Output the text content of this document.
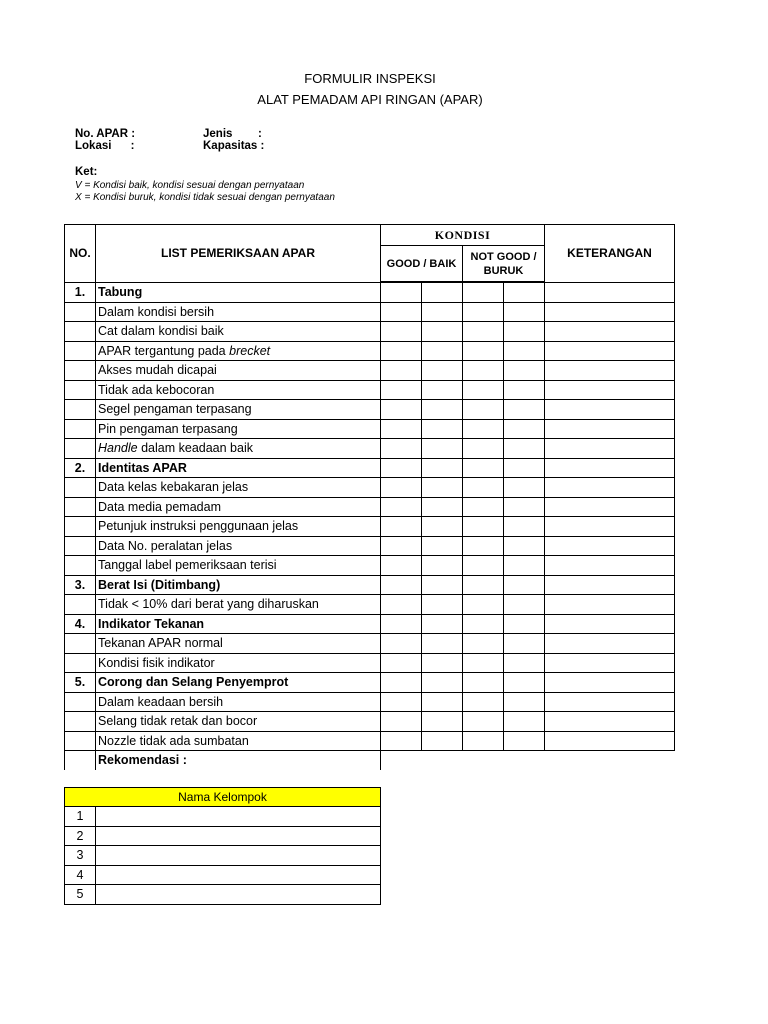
FORMULIR INSPEKSI
ALAT PEMADAM API RINGAN (APAR)
No. APAR :
Lokasi      :
Jenis        :
Kapasitas :
Ket:
V = Kondisi baik, kondisi sesuai dengan pernyataan
X = Kondisi buruk, kondisi tidak sesuai dengan pernyataan
NO.	LIST PEMERIKSAAN APAR	KONDISI				KETERANGAN
		GOOD / BAIK		NOT GOOD /
BURUK		
1.	Tabung					
	Dalam kondisi bersih					
	Cat dalam kondisi baik					
	APAR tergantung pada brecket					
	Akses mudah dicapai					
	Tidak ada kebocoran					
	Segel pengaman terpasang					
	Pin pengaman terpasang					
	Handle dalam keadaan baik					
2.	Identitas APAR					
	Data kelas kebakaran jelas					
	Data media pemadam					
	Petunjuk instruksi penggunaan jelas					
	Data No. peralatan jelas					
	Tanggal label pemeriksaan terisi					
3.	Berat Isi (Ditimbang)					
	Tidak < 10% dari berat yang diharuskan					
4.	Indikator Tekanan					
	Tekanan APAR normal					
	Kondisi fisik indikator					
5.	Corong dan Selang Penyemprot					
	Dalam keadaan bersih					
	Selang tidak retak dan bocor					
	Nozzle tidak ada sumbatan					
	Rekomendasi :					
Nama Kelompok	
1	
2	
3	
4	
5	
